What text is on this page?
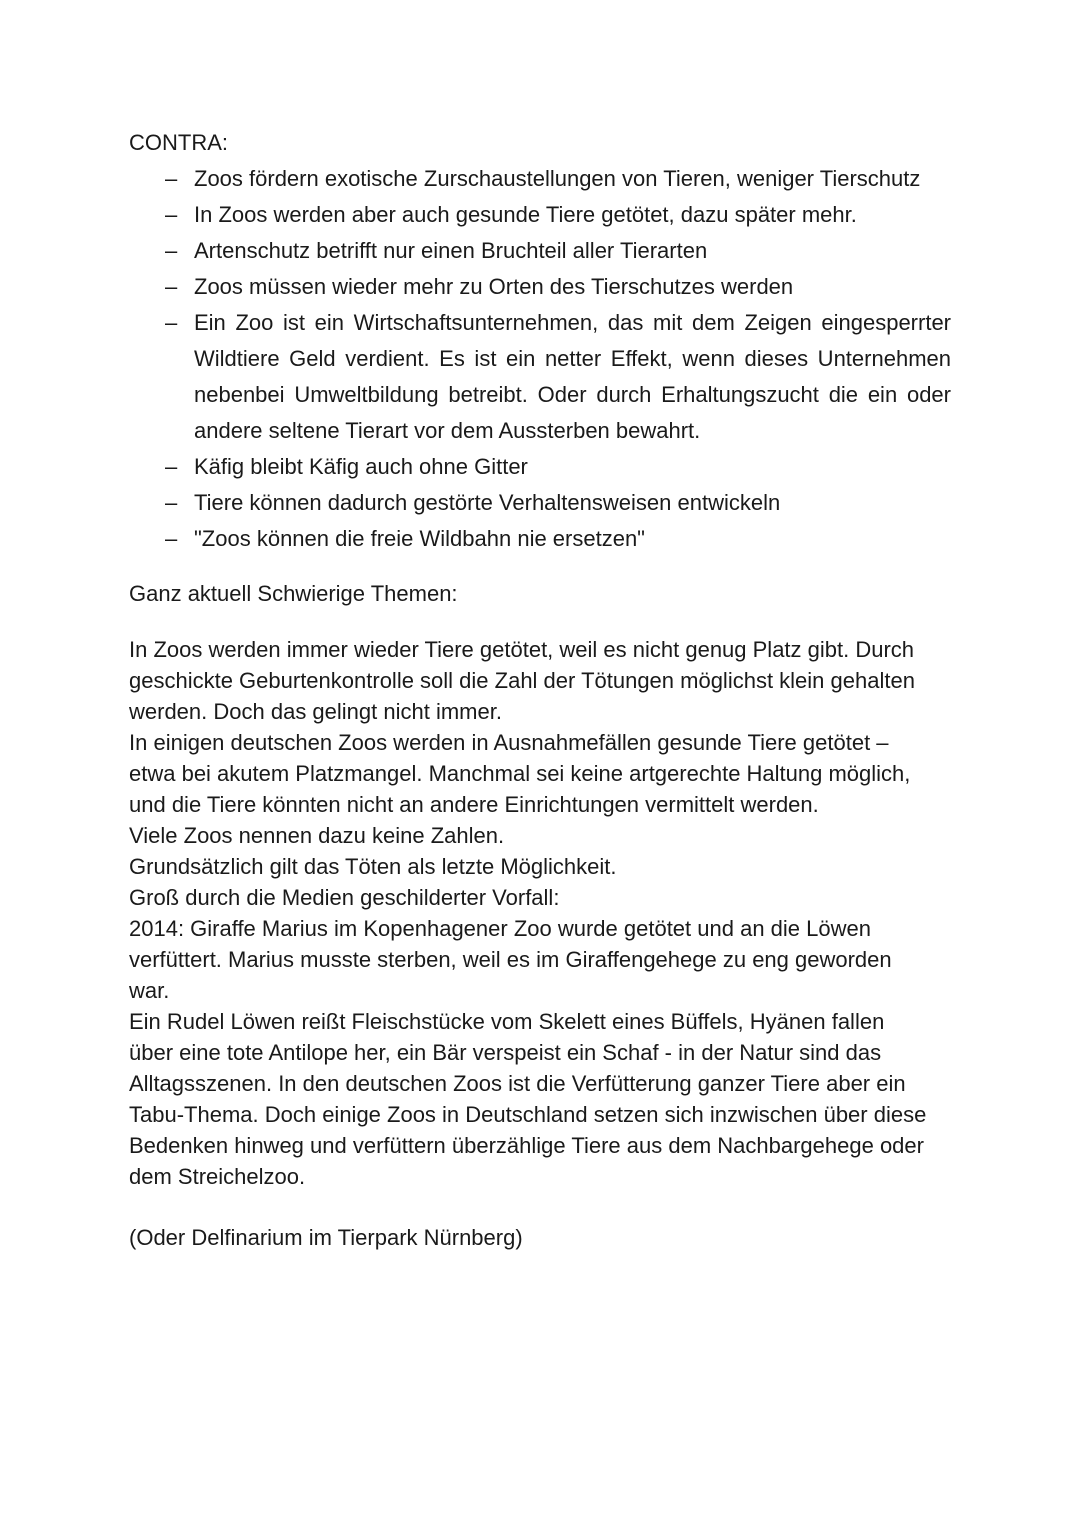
CONTRA:

– Zoos fördern exotische Zurschaustellungen von Tieren, weniger Tierschutz
– In Zoos werden aber auch gesunde Tiere getötet, dazu später mehr.
– Artenschutz betrifft nur einen Bruchteil aller Tierarten
– Zoos müssen wieder mehr zu Orten des Tierschutzes werden
– Ein Zoo ist ein Wirtschaftsunternehmen, das mit dem Zeigen eingesperrter Wildtiere Geld verdient. Es ist ein netter Effekt, wenn dieses Unternehmen nebenbei Umweltbildung betreibt. Oder durch Erhaltungszucht die ein oder andere seltene Tierart vor dem Aussterben bewahrt.
– Käfig bleibt Käfig auch ohne Gitter
– Tiere können dadurch gestörte Verhaltensweisen entwickeln
– "Zoos können die freie Wildbahn nie ersetzen"

Ganz aktuell Schwierige Themen:

In Zoos werden immer wieder Tiere getötet, weil es nicht genug Platz gibt. Durch geschickte Geburtenkontrolle soll die Zahl der Tötungen möglichst klein gehalten werden. Doch das gelingt nicht immer.

In einigen deutschen Zoos werden in Ausnahmefällen gesunde Tiere getötet – etwa bei akutem Platzmangel. Manchmal sei keine artgerechte Haltung möglich, und die Tiere könnten nicht an andere Einrichtungen vermittelt werden.

Viele Zoos nennen dazu keine Zahlen.

Grundsätzlich gilt das Töten als letzte Möglichkeit.

Groß durch die Medien geschilderter Vorfall:

2014: Giraffe Marius im Kopenhagener Zoo wurde getötet und an die Löwen verfüttert. Marius musste sterben, weil es im Giraffengehege zu eng geworden war.

Ein Rudel Löwen reißt Fleischstücke vom Skelett eines Büffels, Hyänen fallen über eine tote Antilope her, ein Bär verspeist ein Schaf - in der Natur sind das Alltagsszenen. In den deutschen Zoos ist die Verfütterung ganzer Tiere aber ein Tabu-Thema. Doch einige Zoos in Deutschland setzen sich inzwischen über diese Bedenken hinweg und verfüttern überzählige Tiere aus dem Nachbargehege oder dem Streichelzoo.

(Oder Delfinarium im Tierpark Nürnberg)
